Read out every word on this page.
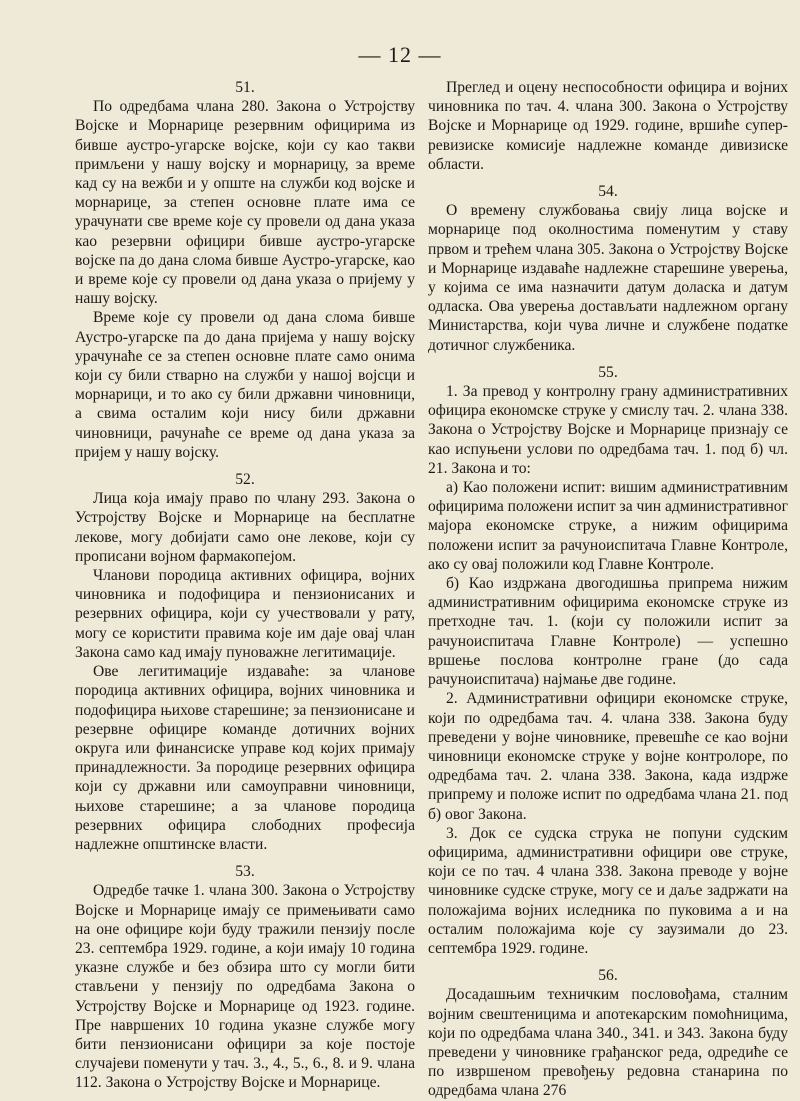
— 12 —
51.

По одредбама члана 280. Закона о Устројству Војске и Морнарице резервним официрима из бивше аустро-угарске војске, који су као такви примљени у нашу војску и морнарицу, за време кад су на вежби и у опште на служби код војске и морнарице, за степен основне плате има се урачунати све време које су провели од дана указа као резервни официри бивше аустро-угарске војске па до дана слома бивше Аустро-угарске, као и време које су провели од дана указа о пријему у нашу војску.

Време које су провели од дана слома бивше Аустро-угарске па до дана пријема у нашу војску урачунаће се за степен основне плате само онима који су били стварно на служби у нашој војсци и морнарици, и то ако су били државни чиновници, а свима осталим који нису били државни чиновници, рачунаће се време од дана указа за пријем у нашу војску.

52.

Лица која имају право по члану 293. Закона о Устројству Војске и Морнарице на бесплатне лекове, могу добијати само оне лекове, који су прописани војном фармакопејом.

Чланови породица активних официра, војних чиновника и подофицира и пензионисаних и резервних официра, који су учествовали у рату, могу се користити правима које им даје овај члан Закона само кад имају пуноважне легитимације.

Ове легитимације издаваће: за чланове породица активних официра, војних чиновника и подофицира њихове старешине; за пензионисане и резервне официре команде дотичних војних округа или финансиске управе код којих примају принадлежности. За породице резервних официра који су државни или самоуправни чиновници, њихове старешине; а за чланове породица резервних официра слободних професија надлежне општинске власти.

53.

Одредбе тачке 1. члана 300. Закона о Устројству Војске и Морнарице имају се примењивати само на оне официре који буду тражили пензију после 23. септембра 1929. године, а који имају 10 година указне службе и без обзира што су могли бити стављени у пензију по одредбама Закона о Устројству Војске и Морнарице од 1923. године. Пре навршених 10 година указне службе могу бити пензионисани официри за које постоје случајеви поменути у тач. 3., 4., 5., 6., 8. и 9. члана 112. Закона о Устројству Војске и Морнарице.

Преглед и оцену неспособности официра и војних чиновника по тач. 4. члана 300. Закона о Устројству Војске и Морнарице од 1929. године, вршиће супер-ревизиске комисије надлежне команде дивизиске области.

54.

О времену службовања свију лица војске и морнарице под околностима поменутим у ставу првом и трећем члана 305. Закона о Устројству Војске и Морнарице издаваће надлежне старешине уверења, у којима се има назначити датум доласка и датум одласка. Ова уверења достављати надлежном органу Министарства, који чува личне и службене податке дотичног службеника.

55.

1. За превод у контролну грану административних официра економске струке у смислу тач. 2. члана 338. Закона о Устројству Војске и Морнарице признају се као испуњени услови по одредбама тач. 1. под б) чл. 21. Закона и то:

а) Као положени испит: вишим административним официрима положени испит за чин административног мајора економске струке, а нижим официрима положени испит за рачуноиспитача Главне Контроле, ако су овај положили код Главне Контроле.

б) Као издржана двогодишња припрема нижим административним официрима економске струке из претходне тач. 1. (који су положили испит за рачуноиспитача Главне Контроле) — успешно вршење послова контролне гране (до сада рачуноиспитача) најмање две године.

2. Административни официри економске струке, који по одредбама тач. 4. члана 338. Закона буду преведени у војне чиновнике, превешће се као војни чиновници економске струке у војне контролоре, по одредбама тач. 2. члана 338. Закона, када издрже припрему и положе испит по одредбама члана 21. под б) овог Закона.

3. Док се судска струка не попуни судским официрима, административни официри ове струке, који се по тач. 4 члана 338. Закона преводе у војне чиновнике судске струке, могу се и даље задржати на положајима војних иследника по пуковима а и на осталим положајима које су заузимали до 23. септембра 1929. године.

56.

Досадашњим техничким пословођама, сталним војним свештеницима и апотекарским помоћницима, који по одредбама члана 340., 341. и 343. Закона буду преведени у чиновнике грађанског реда, одредиће се по извршеном превођењу редовна станарина по одредбама члана 276
